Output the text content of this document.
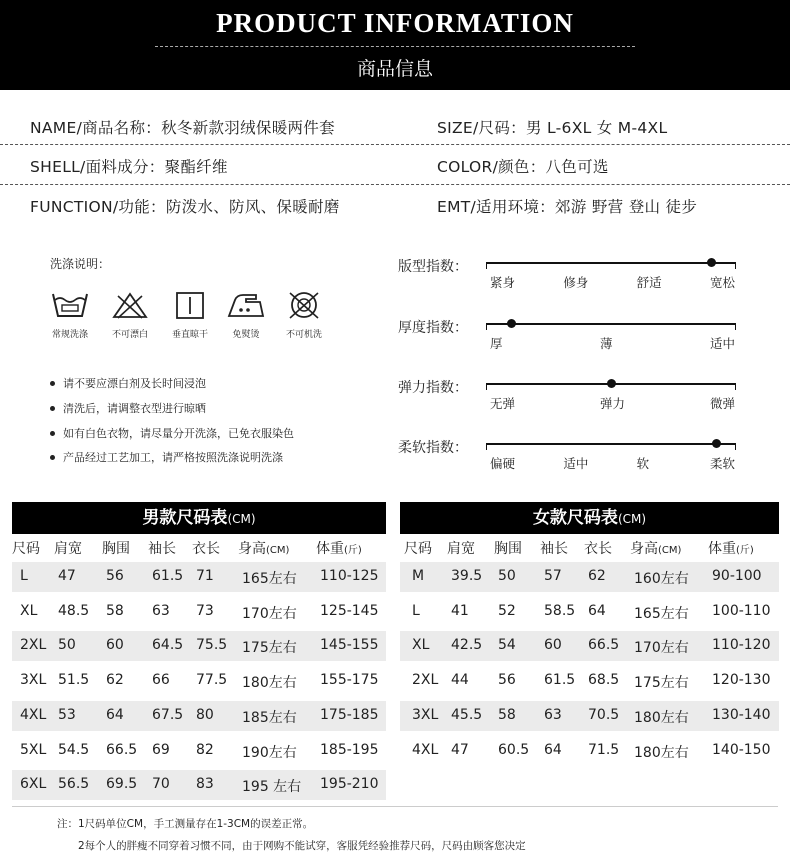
PRODUCT INFORMATION
商品信息
NAME/商品名称：秋冬新款羽绒保暖两件套	SIZE/尺码：男 L-6XL 女 M-4XL
SHELL/面料成分：聚酯纤维	COLOR/颜色：八色可选
FUNCTION/功能：防泼水、防风、保暖耐磨	EMT/适用环境：郊游 野营 登山 徒步
洗涤说明：
常规洗涤	不可漂白	垂直晾干	免熨烫	不可机洗
请不要应漂白剂及长时间浸泡
清洗后，请调整衣型进行晾晒
如有白色衣物，请尽量分开洗涤，已免衣服染色
产品经过工艺加工，请严格按照洗涤说明洗涤
版型指数：
紧身	修身	舒适	宽松
厚度指数：
厚	薄	适中
弹力指数：
无弹	弹力	微弹
柔软指数：
偏硬	适中	软	柔软
男款尺码表(CM)
尺码 肩宽 胸围 袖长 衣长 身高(CM) 体重(斤)
L 47 56 61.5 71 165左右 110-125
XL 48.5 58 63 73 170左右 125-145
2XL 50 60 64.5 75.5 175左右 145-155
3XL 51.5 62 66 77.5 180左右 155-175
4XL 53 64 67.5 80 185左右 175-185
5XL 54.5 66.5 69 82 190左右 185-195
6XL 56.5 69.5 70 83 195 左右 195-210
女款尺码表(CM)
尺码 肩宽 胸围 袖长 衣长 身高(CM) 体重(斤)
M 39.5 50 57 62 160左右 90-100
L 41 52 58.5 64 165左右 100-110
XL 42.5 54 60 66.5 170左右 110-120
2XL 44 56 61.5 68.5 175左右 120-130
3XL 45.5 58 63 70.5 180左右 130-140
4XL 47 60.5 64 71.5 180左右 140-150
注：1尺码单位CM，手工测量存在1-3CM的误差正常。
2每个人的胖瘦不同穿着习惯不同，由于网购不能试穿，客服凭经验推荐尺码，尺码由顾客您决定
